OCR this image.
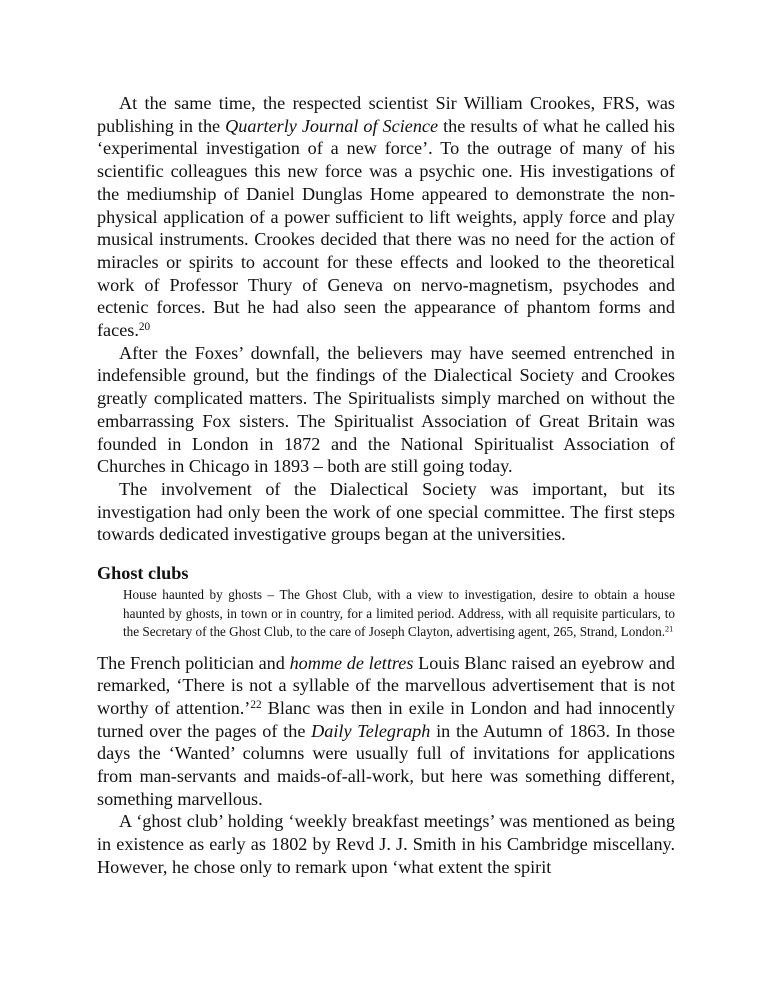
At the same time, the respected scientist Sir William Crookes, FRS, was publishing in the Quarterly Journal of Science the results of what he called his ‘experimental investigation of a new force’. To the outrage of many of his scientific colleagues this new force was a psychic one. His investigations of the mediumship of Daniel Dunglas Home appeared to demonstrate the non-physical application of a power sufficient to lift weights, apply force and play musical instruments. Crookes decided that there was no need for the action of miracles or spirits to account for these effects and looked to the theoretical work of Professor Thury of Geneva on nervo-magnetism, psychodes and ectenic forces. But he had also seen the appearance of phantom forms and faces.$^{20}$

After the Foxes’ downfall, the believers may have seemed entrenched in indefensible ground, but the findings of the Dialectical Society and Crookes greatly complicated matters. The Spiritualists simply marched on without the embarrassing Fox sisters. The Spiritualist Association of Great Britain was founded in London in 1872 and the National Spiritualist Association of Churches in Chicago in 1893 – both are still going today.

The involvement of the Dialectical Society was important, but its investigation had only been the work of one special committee. The first steps towards dedicated investigative groups began at the universities.

Ghost clubs

House haunted by ghosts – The Ghost Club, with a view to investigation, desire to obtain a house haunted by ghosts, in town or in country, for a limited period. Address, with all requisite particulars, to the Secretary of the Ghost Club, to the care of Joseph Clayton, advertising agent, 265, Strand, London.$^{21}$

The French politician and homme de lettres Louis Blanc raised an eyebrow and remarked, ‘There is not a syllable of the marvellous advertisement that is not worthy of attention.’$^{22}$ Blanc was then in exile in London and had innocently turned over the pages of the Daily Telegraph in the Autumn of 1863. In those days the ‘Wanted’ columns were usually full of invitations for applications from man-servants and maids-of-all-work, but here was something different, something marvellous.

A ‘ghost club’ holding ‘weekly breakfast meetings’ was mentioned as being in existence as early as 1802 by Revd J. J. Smith in his Cambridge miscellany. However, he chose only to remark upon ‘what extent the spirit
